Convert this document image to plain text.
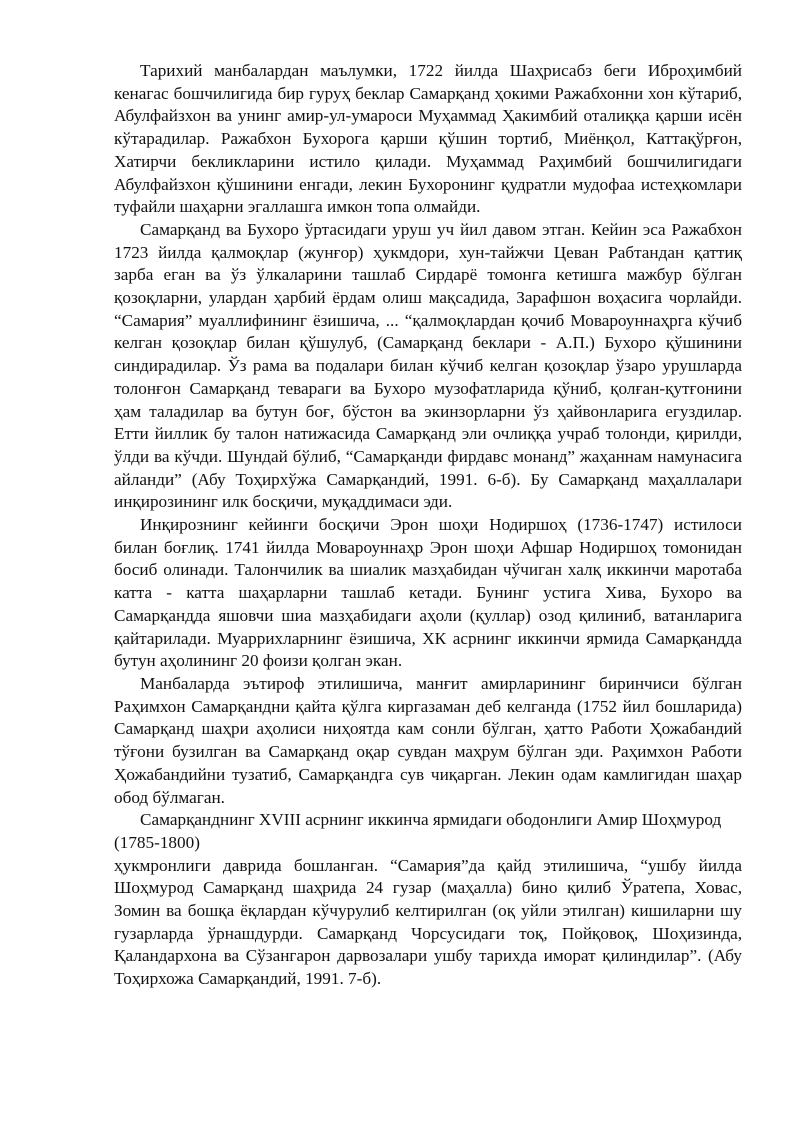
Тарихий манбалардан маълумки, 1722 йилда Шаҳрисабз беги Иброҳимбий кенагас бошчилигида бир гуруҳ беклар Самарқанд ҳокими Ражабхонни хон кўтариб, Абулфайзхон ва унинг амир-ул-умароси Муҳаммад Ҳакимбий оталиққа қарши исён кўтарадилар. Ражабхон Бухорога қарши қўшин тортиб, Миёнқол, Каттақўрғон, Хатирчи бекликларини истило қилади. Муҳаммад Раҳимбий бошчилигидаги Абулфайзхон қўшинини енгади, лекин Бухоронинг қудратли мудофаа истеҳкомлари туфайли шаҳарни эгаллашга имкон топа олмайди.

Самарқанд ва Бухоро ўртасидаги уруш уч йил давом этган. Кейин эса Ражабхон 1723 йилда қалмоқлар (жунғор) ҳукмдори, хун-тайжчи Цеван Рабтандан қаттиқ зарба еган ва ўз ўлкаларини ташлаб Сирдарё томонга кетишга мажбур бўлган қозоқларни, улардан ҳарбий ёрдам олиш мақсадида, Зарафшон воҳасига чорлайди. “Самария” муаллифининг ёзишича, ... “қалмоқлардан қочиб Мовароуннаҳрга кўчиб келган қозоқлар билан қўшулуб, (Самарқанд беклари - А.П.) Бухоро қўшинини синдирадилар. Ўз рама ва подалари билан кўчиб келган қозоқлар ўзаро урушларда толонғон Самарқанд тевараги ва Бухоро музофатларида қўниб, қолған-қутғонини ҳам таладилар ва бутун боғ, бўстон ва экинзорларни ўз ҳайвонларига егуздилар. Етти йиллик бу талон натижасида Самарқанд эли очлиққа учраб толонди, қирилди, ўлди ва кўчди. Шундай бўлиб, “Самарқанди фирдавс монанд” жаҳаннам намунасига айланди” (Абу Тоҳирхўжа Самарқандий, 1991. 6-б). Бу Самарқанд маҳаллалари инқирозининг илк босқичи, муқаддимаси эди.

Инқирознинг кейинги босқичи Эрон шоҳи Нодиршоҳ (1736-1747) истилоси билан боғлиқ. 1741 йилда Мовароуннаҳр Эрон шоҳи Афшар Нодиршоҳ томонидан босиб олинади. Талончилик ва шиалик мазҳабидан чўчиган халқ иккинчи маротаба катта - катта шаҳарларни ташлаб кетади. Бунинг устига Хива, Бухоро ва Самарқандда яшовчи шиа мазҳабидаги аҳоли (қуллар) озод қилиниб, ватанларига қайтарилади. Муаррихларнинг ёзишича, ХК асрнинг иккинчи ярмида Самарқандда бутун аҳолининг 20 фоизи қолган экан.

Манбаларда эътироф этилишича, манғит амирларининг биринчиси бўлган Раҳимхон Самарқандни қайта қўлга киргазаман деб келганда (1752 йил бошларида) Самарқанд шаҳри аҳолиси ниҳоятда кам сонли бўлган, ҳатто Работи Ҳожабандий тўғони бузилган ва Самарқанд оқар сувдан маҳрум бўлган эди. Раҳимхон Работи Ҳожабандийни тузатиб, Самарқандга сув чиқарган. Лекин одам камлигидан шаҳар обод бўлмаган.

Самарқанднинг XVIII асрнинг иккинча ярмидаги ободонлиги Амир Шоҳмурод (1785-1800)

ҳукмронлиги даврида бошланган. “Самария”да қайд этилишича, “ушбу йилда Шоҳмурод Самарқанд шаҳрида 24 гузар (маҳалла) бино қилиб Ўратепа, Ховас, Зомин ва бошқа ёқлардан кўчурулиб келтирилган (оқ уйли этилган) кишиларни шу гузарларда ўрнашдурди. Самарқанд Чорсусидаги тоқ, Пойқовоқ, Шоҳизинда, Қаландархона ва Сўзангарон дарвозалари ушбу тарихда иморат қилиндилар”. (Абу Тоҳирхожа Самарқандий, 1991. 7-б).
